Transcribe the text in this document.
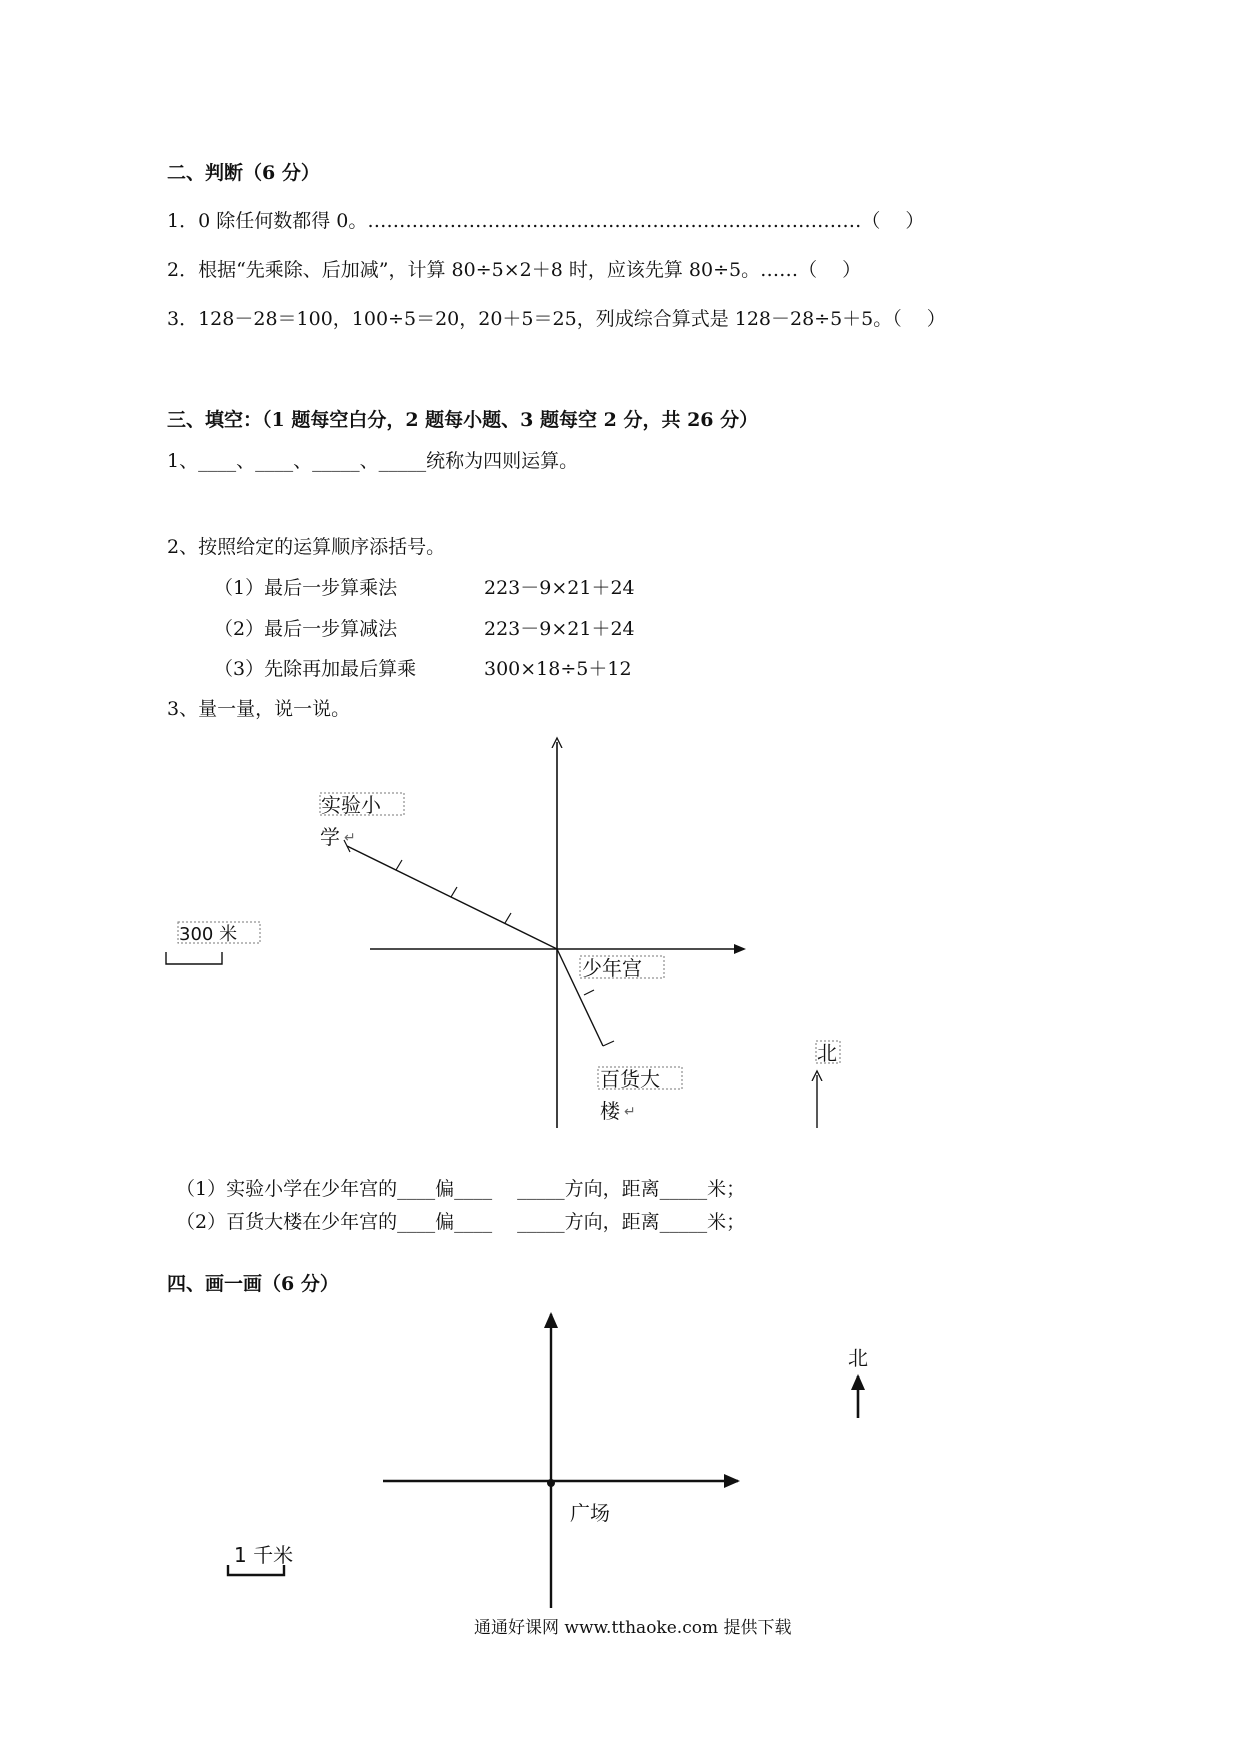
二、判断（6 分）
1．0 除任何数都得 0。……………………………………………………………………（　 ）
2．根据“先乘除、后加减”，计算 80÷5×2＋8 时，应该先算 80÷5。……（　 ）
3．128－28＝100，100÷5＝20，20＋5＝25，列成综合算式是 128－28÷5＋5。（　 ）
三、填空：（1 题每空白分，2 题每小题、3 题每空 2 分，共 26 分）
1、____、____、_____、_____统称为四则运算。
2、按照给定的运算顺序添括号。
（1）最后一步算乘法	223－9×21＋24
（2）最后一步算减法	223－9×21＋24
（3）先除再加最后算乘	300×18÷5＋12
3、量一量，说一说。
实验小
学 ↵
300 米
少年宫
百货大
楼 ↵
北
（1）实验小学在少年宫的____偏____　 _____方向，距离_____米；
（2）百货大楼在少年宫的____偏____　 _____方向，距离_____米；
四、画一画（6 分）
广场
北
1 千米
通通好课网 www.tthaoke.com 提供下载
